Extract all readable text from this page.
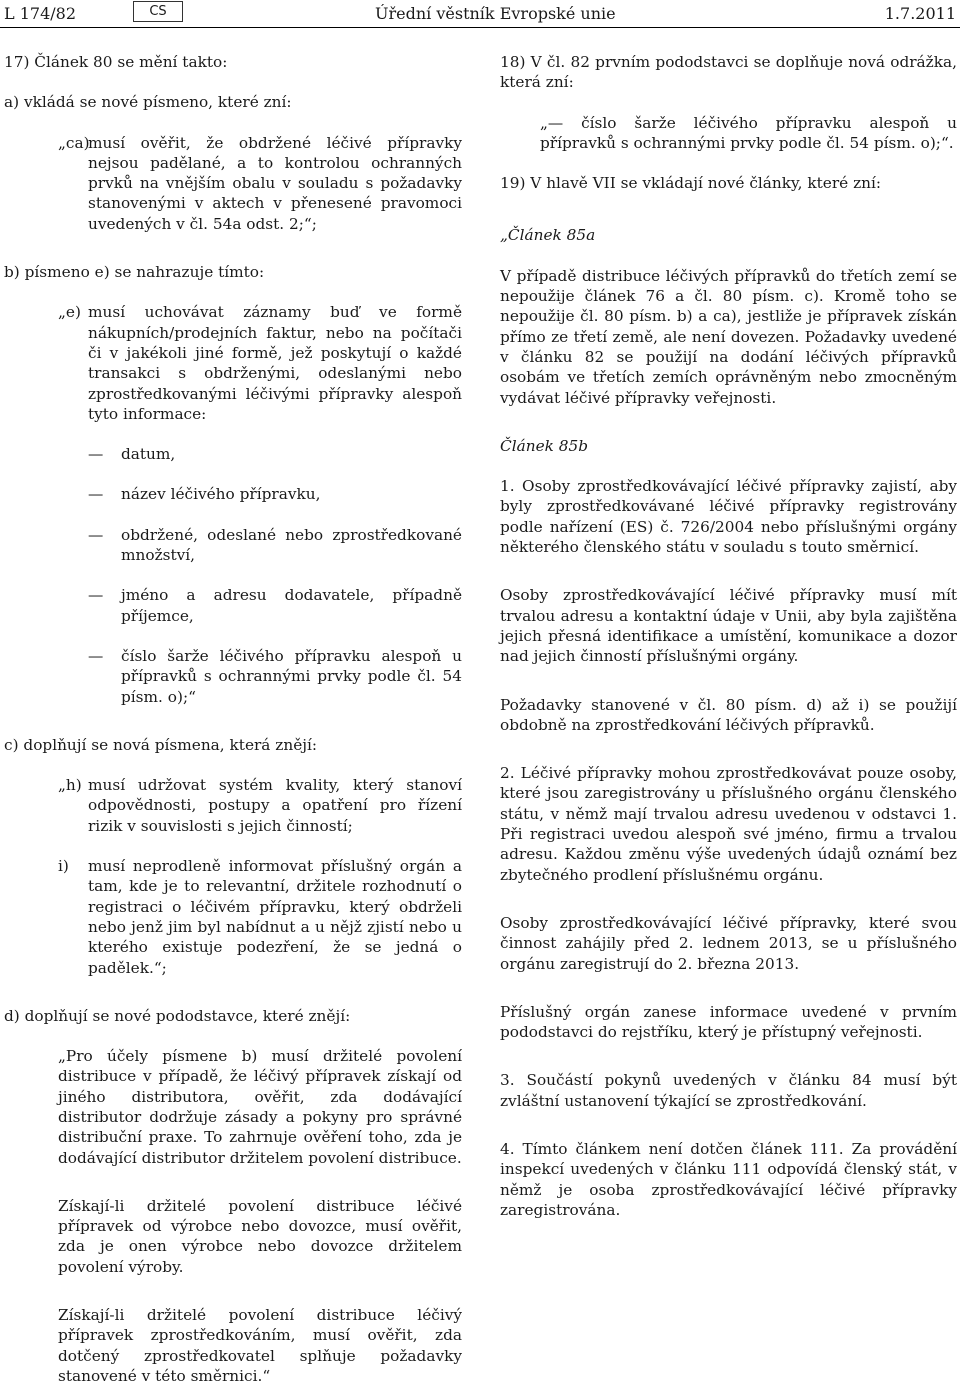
L 174/82	CS	Úřední věstník Evropské unie	1.7.2011

17) Článek 80 se mění takto:

a) vkládá se nové písmeno, které zní:

„ca)
musí ověřit, že obdržené léčivé přípravky nejsou padělané, a to kontrolou ochranných prvků na vnějším obalu v souladu s požadavky stanovenými v aktech v přenesené pravomoci uvedených v čl. 54a odst. 2;“;

b) písmeno e) se nahrazuje tímto:

„e) musí uchovávat záznamy buď ve formě nákupních/prodejních faktur, nebo na počítači či v jakékoli jiné formě, jež poskytují o každé transakci s obdrženými, odeslanými nebo zprostředkovanými léčivými přípravky alespoň tyto informace:
—	datum,
—	název léčivého přípravku,
—	obdržené, odeslané nebo zprostředkované množství,
—	jméno a adresu dodavatele, případně příjemce,
—	číslo šarže léčivého přípravku alespoň u přípravků s ochrannými prvky podle čl. 54 písm. o);“

c) doplňují se nová písmena, která znějí:

„h) musí udržovat systém kvality, který stanoví odpovědnosti, postupy a opatření pro řízení rizik v souvislosti s jejich činností;
i)	musí neprodleně informovat příslušný orgán a tam, kde je to relevantní, držitele rozhodnutí o registraci o léčivém přípravku, který obdrželi nebo jenž jim byl nabídnut a u nějž zjistí nebo u kterého existuje podezření, že se jedná o padělek.“;

d) doplňují se nové pododstavce, které znějí:

„Pro účely písmene b) musí držitelé povolení distribuce v případě, že léčivý přípravek získají od jiného distributora, ověřit, zda dodávající distributor dodržuje zásady a pokyny pro správné distribuční praxe. To zahrnuje ověření toho, zda je dodávající distributor držitelem povolení distribuce.

Získají-li držitelé povolení distribuce léčivé přípravek od výrobce nebo dovozce, musí ověřit, zda je onen výrobce nebo dovozce držitelem povolení výroby.

Získají-li držitelé povolení distribuce léčivý přípravek zprostředkováním, musí ověřit, zda dotčený zprostředkovatel splňuje požadavky stanovené v této směrnici.“

18) V čl. 82 prvním pododstavci se doplňuje nová odrážka, která zní:

„— číslo šarže léčivého přípravku alespoň u přípravků s ochrannými prvky podle čl. 54 písm. o);“.

19) V hlavě VII se vkládají nové články, které zní:

„Článek 85a

V případě distribuce léčivých přípravků do třetích zemí se nepoužije článek 76 a čl. 80 písm. c). Kromě toho se nepoužije čl. 80 písm. b) a ca), jestliže je přípravek získán přímo ze třetí země, ale není dovezen. Požadavky uvedené v článku 82 se použijí na dodání léčivých přípravků osobám ve třetích zemích oprávněným nebo zmocněným vydávat léčivé přípravky veřejnosti.

Článek 85b

1. Osoby zprostředkovávající léčivé přípravky zajistí, aby byly zprostředkovávané léčivé přípravky registrovány podle nařízení (ES) č. 726/2004 nebo příslušnými orgány některého členského státu v souladu s touto směrnicí.

Osoby zprostředkovávající léčivé přípravky musí mít trvalou adresu a kontaktní údaje v Unii, aby byla zajištěna jejich přesná identifikace a umístění, komunikace a dozor nad jejich činností příslušnými orgány.

Požadavky stanovené v čl. 80 písm. d) až i) se použijí obdobně na zprostředkování léčivých přípravků.

2. Léčivé přípravky mohou zprostředkovávat pouze osoby, které jsou zaregistrovány u příslušného orgánu členského státu, v němž mají trvalou adresu uvedenou v odstavci 1. Při registraci uvedou alespoň své jméno, firmu a trvalou adresu. Každou změnu výše uvedených údajů oznámí bez zbytečného prodlení příslušnému orgánu.

Osoby zprostředkovávající léčivé přípravky, které svou činnost zahájily před 2. lednem 2013, se u příslušného orgánu zaregistrují do 2. března 2013.

Příslušný orgán zanese informace uvedené v prvním pododstavci do rejstříku, který je přístupný veřejnosti.

3. Součástí pokynů uvedených v článku 84 musí být zvláštní ustanovení týkající se zprostředkování.

4. Tímto článkem není dotčen článek 111. Za provádění inspekcí uvedených v článku 111 odpovídá členský stát, v němž je osoba zprostředkovávající léčivé přípravky zaregistrována.
